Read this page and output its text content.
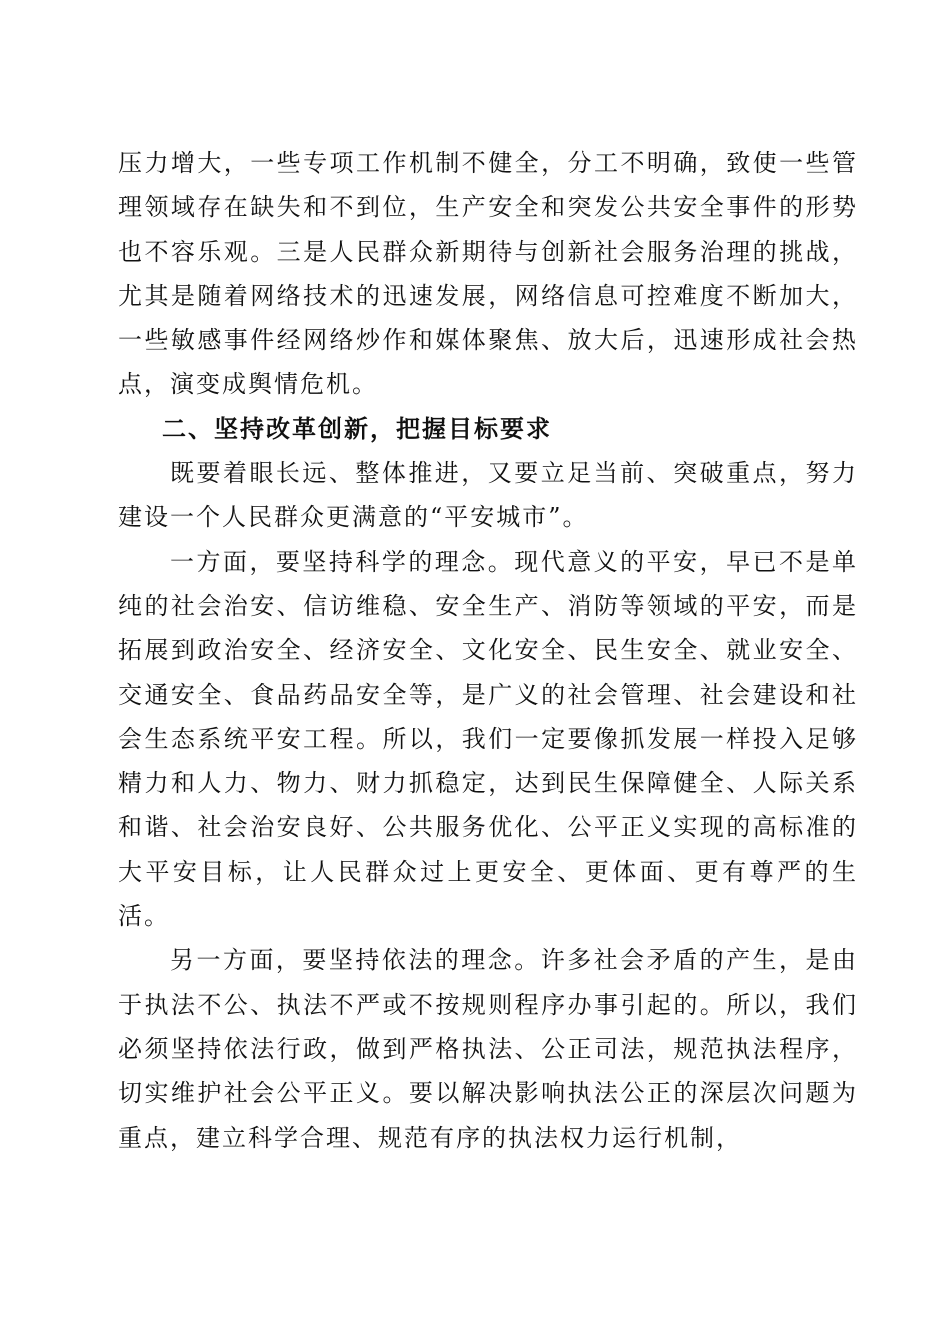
压力增大，一些专项工作机制不健全，分工不明确，致使一些管理领域存在缺失和不到位，生产安全和突发公共安全事件的形势也不容乐观。三是人民群众新期待与创新社会服务治理的挑战，尤其是随着网络技术的迅速发展，网络信息可控难度不断加大，一些敏感事件经网络炒作和媒体聚焦、放大后，迅速形成社会热点，演变成舆情危机。

二、坚持改革创新，把握目标要求

既要着眼长远、整体推进，又要立足当前、突破重点，努力建设一个人民群众更满意的“平安城市”。

一方面，要坚持科学的理念。现代意义的平安，早已不是单纯的社会治安、信访维稳、安全生产、消防等领域的平安，而是拓展到政治安全、经济安全、文化安全、民生安全、就业安全、交通安全、食品药品安全等，是广义的社会管理、社会建设和社会生态系统平安工程。所以，我们一定要像抓发展一样投入足够精力和人力、物力、财力抓稳定，达到民生保障健全、人际关系和谐、社会治安良好、公共服务优化、公平正义实现的高标准的大平安目标，让人民群众过上更安全、更体面、更有尊严的生活。

另一方面，要坚持依法的理念。许多社会矛盾的产生，是由于执法不公、执法不严或不按规则程序办事引起的。所以，我们必须坚持依法行政，做到严格执法、公正司法，规范执法程序，切实维护社会公平正义。要以解决影响执法公正的深层次问题为重点，建立科学合理、规范有序的执法权力运行机制，
